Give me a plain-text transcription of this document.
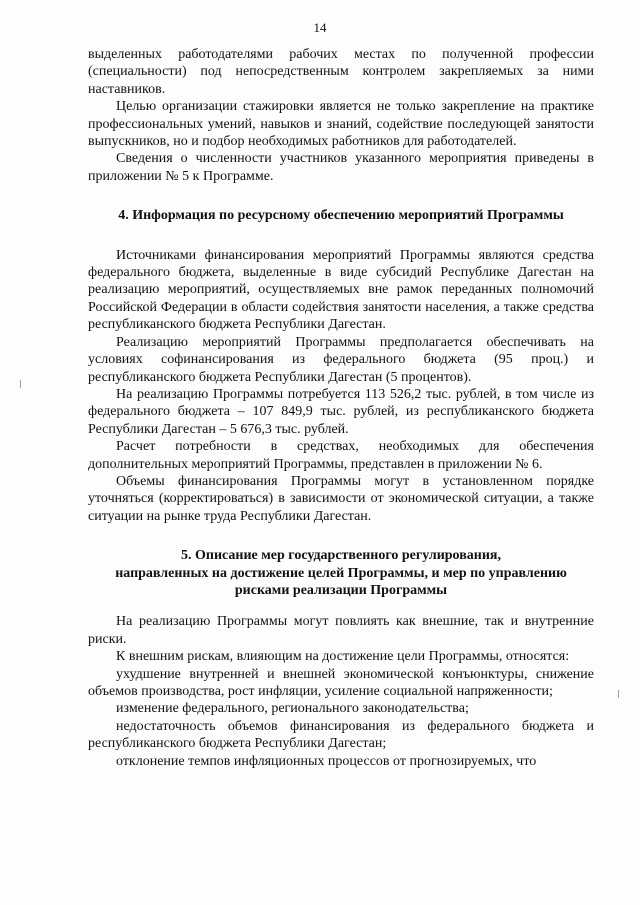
14

выделенных работодателями рабочих местах по полученной профессии (специальности) под непосредственным контролем закрепляемых за ними наставников.

Целью организации стажировки является не только закрепление на практике профессиональных умений, навыков и знаний, содействие последующей занятости выпускников, но и подбор необходимых работников для работодателей.

Сведения о численности участников указанного мероприятия приведены в приложении № 5 к Программе.

4. Информация по ресурсному обеспечению мероприятий Программы

Источниками финансирования мероприятий Программы являются средства федерального бюджета, выделенные в виде субсидий Республике Дагестан на реализацию мероприятий, осуществляемых вне рамок переданных полномочий Российской Федерации в области содействия занятости населения, а также средства республиканского бюджета Республики Дагестан.

Реализацию мероприятий Программы предполагается обеспечивать на условиях софинансирования из федерального бюджета (95 проц.) и республиканского бюджета Республики Дагестан (5 процентов).

На реализацию Программы потребуется 113 526,2 тыс. рублей, в том числе из федерального бюджета – 107 849,9 тыс. рублей, из республиканского бюджета Республики Дагестан – 5 676,3 тыс. рублей.

Расчет потребности в средствах, необходимых для обеспечения дополнительных мероприятий Программы, представлен в приложении № 6.

Объемы финансирования Программы могут в установленном порядке уточняться (корректироваться) в зависимости от экономической ситуации, а также ситуации на рынке труда Республики Дагестан.

5. Описание мер государственного регулирования,
направленных на достижение целей Программы, и мер по управлению
рисками реализации Программы

На реализацию Программы могут повлиять как внешние, так и внутренние риски.

К внешним рискам, влияющим на достижение цели Программы, относятся:

ухудшение внутренней и внешней экономической конъюнктуры, снижение объемов производства, рост инфляции, усиление социальной напряженности;

изменение федерального, регионального законодательства;

недостаточность объемов финансирования из федерального бюджета и республиканского бюджета Республики Дагестан;

отклонение темпов инфляционных процессов от прогнозируемых, что
